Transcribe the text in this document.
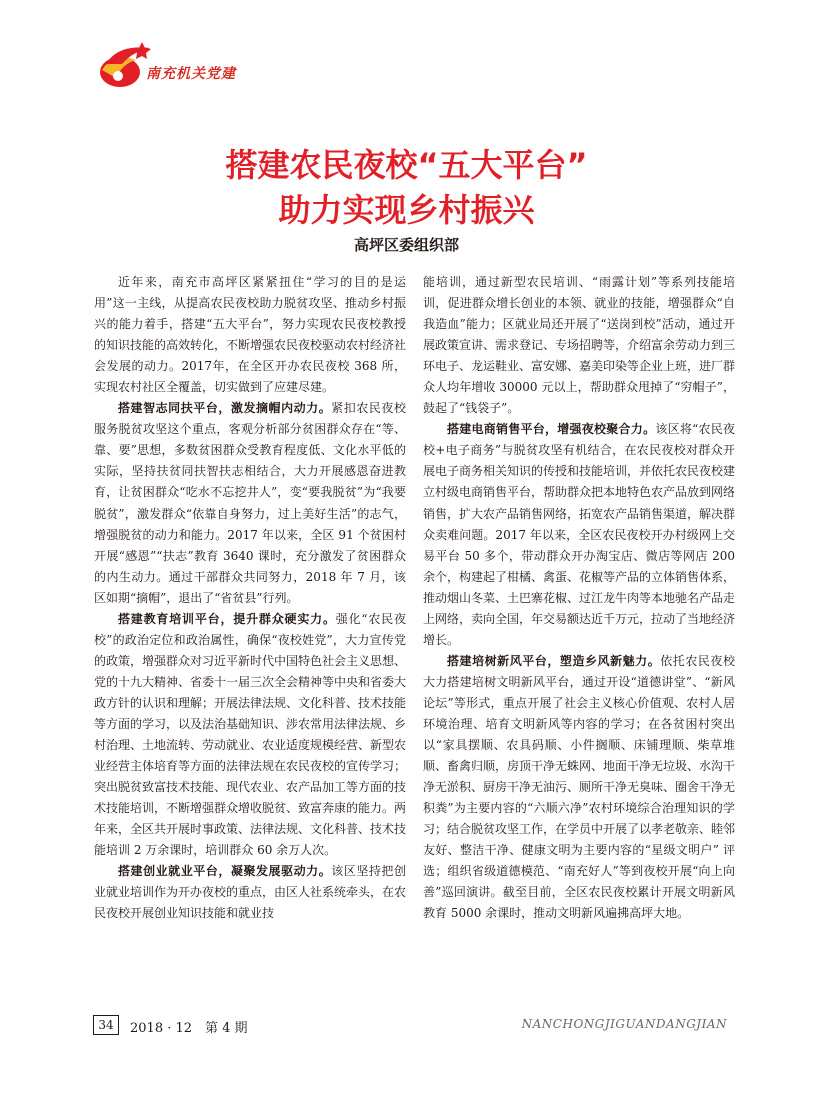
南充机关党建
搭建农民夜校“五大平台”
助力实现乡村振兴
高坪区委组织部

近年来，南充市高坪区紧紧扭住“学习的目的是运用”这一主线，从提高农民夜校助力脱贫攻坚、推动乡村振兴的能力着手，搭建“五大平台”，努力实现农民夜校教授的知识技能的高效转化，不断增强农民夜校驱动农村经济社会发展的动力。2017年，在全区开办农民夜校 368 所，实现农村社区全覆盖，切实做到了应建尽建。

搭建智志同扶平台，激发摘帽内动力。紧扣农民夜校服务脱贫攻坚这个重点，客观分析部分贫困群众存在“等、靠、要”思想，多数贫困群众受教育程度低、文化水平低的实际，坚持扶贫同扶智扶志相结合，大力开展感恩奋进教育，让贫困群众“吃水不忘挖井人”，变“要我脱贫”为“我要脱贫”，激发群众“依靠自身努力，过上美好生活”的志气，增强脱贫的动力和能力。2017 年以来，全区 91 个贫困村开展“感恩”“扶志”教育 3640 课时，充分激发了贫困群众的内生动力。通过干部群众共同努力，2018 年 7 月，该区如期“摘帽”，退出了“省贫县”行列。

搭建教育培训平台，提升群众硬实力。强化“农民夜校”的政治定位和政治属性，确保“夜校姓党”，大力宣传党的政策，增强群众对习近平新时代中国特色社会主义思想、党的十九大精神、省委十一届三次全会精神等中央和省委大政方针的认识和理解；开展法律法规、文化科普、技术技能等方面的学习，以及法治基础知识、涉农常用法律法规、乡村治理、土地流转、劳动就业、农业适度规模经营、新型农业经营主体培育等方面的法律法规在农民夜校的宣传学习；突出脱贫致富技术技能、现代农业、农产品加工等方面的技术技能培训，不断增强群众增收脱贫、致富奔康的能力。两年来，全区共开展时事政策、法律法规、文化科普、技术技能培训 2 万余课时，培训群众 60 余万人次。

搭建创业就业平台，凝聚发展驱动力。该区坚持把创业就业培训作为开办夜校的重点，由区人社系统牵头，在农民夜校开展创业知识技能和就业技

能培训，通过新型农民培训、“雨露计划”等系列技能培训，促进群众增长创业的本领、就业的技能，增强群众“自我造血”能力；区就业局还开展了“送岗到校”活动，通过开展政策宣讲、需求登记、专场招聘等，介绍富余劳动力到三环电子、龙运鞋业、富安娜、嘉美印染等企业上班，进厂群众人均年增收 30000 元以上，帮助群众甩掉了“穷帽子”，鼓起了“钱袋子”。

搭建电商销售平台，增强夜校聚合力。该区将“农民夜校+电子商务”与脱贫攻坚有机结合，在农民夜校对群众开展电子商务相关知识的传授和技能培训，并依托农民夜校建立村级电商销售平台，帮助群众把本地特色农产品放到网络销售，扩大农产品销售网络，拓宽农产品销售渠道，解决群众卖难问题。2017 年以来，全区农民夜校开办村级网上交易平台 50 多个，带动群众开办淘宝店、微店等网店 200 余个，构建起了柑橘、禽蛋、花椒等产品的立体销售体系，推动烟山冬菜、土巴寨花椒、过江龙牛肉等本地驰名产品走上网络，卖向全国，年交易额达近千万元，拉动了当地经济增长。

搭建培树新风平台，塑造乡风新魅力。依托农民夜校大力搭建培树文明新风平台，通过开设“道德讲堂”、“新风论坛”等形式，重点开展了社会主义核心价值观、农村人居环境治理、培育文明新风等内容的学习；在各贫困村突出以“家具摆顺、农具码顺、小件搁顺、床铺理顺、柴草堆顺、畜禽归顺，房顶干净无蛛网、地面干净无垃圾、水沟干净无淤积、厨房干净无油污、厕所干净无臭味、圈舍干净无积粪”为主要内容的“六顺六净”农村环境综合治理知识的学习；结合脱贫攻坚工作，在学员中开展了以孝老敬亲、睦邻友好、整洁干净、健康文明为主要内容的“星级文明户” 评选；组织省级道德模范、“南充好人”等到夜校开展“向上向善”巡回演讲。截至目前，全区农民夜校累计开展文明新风教育 5000 余课时，推动文明新风遍拂高坪大地。

34	2018 · 12　第 4 期	NANCHONGJIGUANDANGJIAN
